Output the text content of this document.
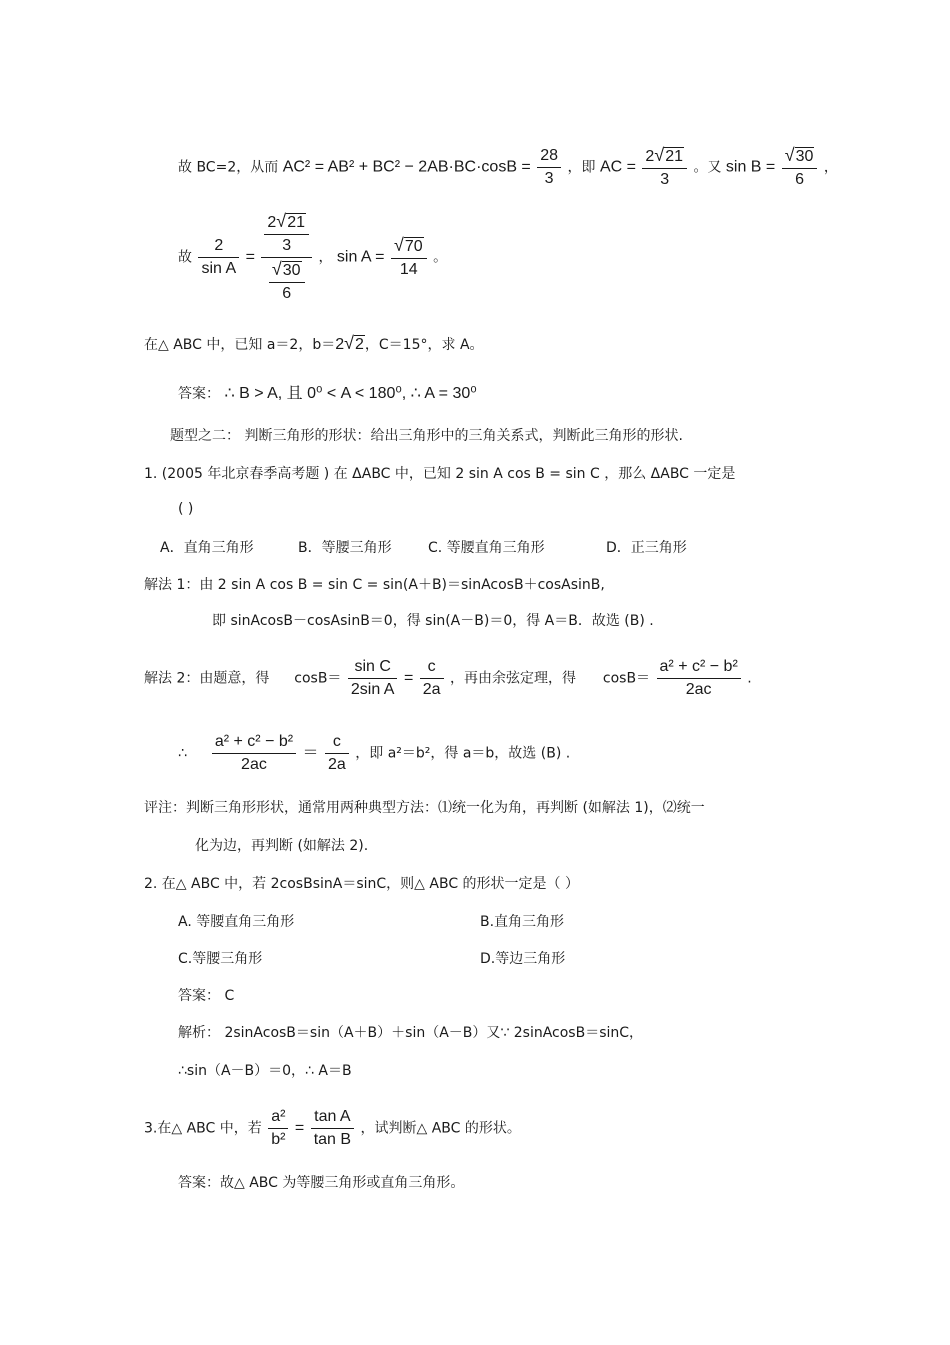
故 BC=2，从而 $AC^2 = AB^2 + BC^2 - 2AB\cdot BC\cdot\cos B = \frac{28}{3}$ ，即 AC = $\frac{2√21}{3}$ 。又 $\sin B = \frac{√30}{6}$ ，
故 $\frac{2}{\text{sin A}} = \frac{\frac{2√21}{3}}{\frac{√30}{6}}$ ， $\sin A = \frac{√70}{14}$ 。
在△ ABC 中，已知 a＝2，b＝2√2，C＝15°，求 A。
答案： ∴ B > A, 且 0⁰ < A < 180⁰, ∴ A = 30⁰
题型之二： 判断三角形的形状：给出三角形中的三角关系式，判断此三角形的形状.
1. (2005 年北京春季高考题 ) 在 ΔABC 中，已知 2 sin A cos B = sin C ，那么 ΔABC 一定是
( )
A．直角三角形	B．等腰三角形	C. 等腰直角三角形	D．正三角形
解法 1：由 2 sin A cos B = sin C = sin(A＋B)＝sinAcosB＋cosAsinB,
即 sinAcosB－cosAsinB＝0，得 sin(A－B)＝0，得 A＝B．故选 (B) .
解法 2：由题意，得 $\cos B= \frac{\text{sin C}}{\text{2sin A}} = \frac{c}{2a}$ ，再由余弦定理，得 $\cos B= \frac{\text{a² + c² − b²}}{2ac}$ .
∴ $\frac{\text{a² + c² − b²}}{2ac} = \frac{c}{2a}$ ，即 a²＝b²，得 a＝b，故选 (B) .
评注：判断三角形形状，通常用两种典型方法：⑴统一化为角，再判断 (如解法 1)，⑵统一
化为边，再判断 (如解法 2).
2. 在△ ABC 中，若 2cosBsinA＝sinC，则△ ABC 的形状一定是（ ）
A. 等腰直角三角形	B.直角三角形
C.等腰三角形	D.等边三角形
答案： C
解析： 2sinAcosB＝sin（A＋B）＋sin（A－B）又∵ 2sinAcosB＝sinC，
∴sin（A－B）＝0，∴ A＝B
3.在△ ABC 中，若 $\frac{\text{a²}}{\text{b²}} = \frac{\text{tan A}}{\text{tan B}}$ ，试判断△ ABC 的形状。
答案：故△ ABC 为等腰三角形或直角三角形。
